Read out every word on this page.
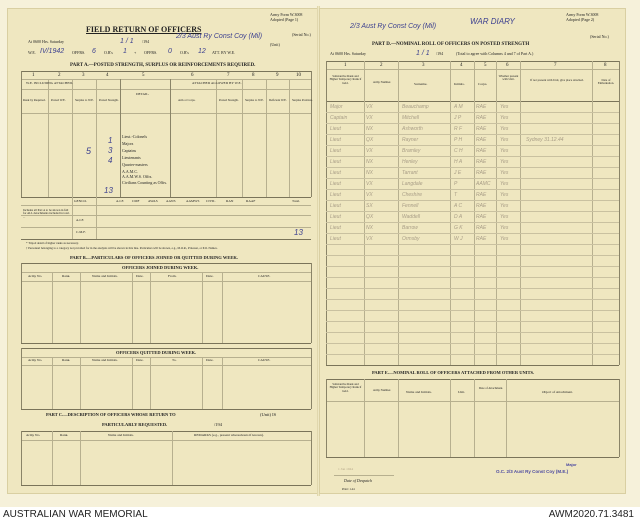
Army Form W.3008
Adopted (Page 1)
(Serial No.)
FIELD RETURN OF OFFICERS
2/3 Aust Ry Const Coy (Mil)
(Unit)
At 0600 Hrs. Saturday	1 / 1 /194
W.E. IV/1942 OFFRS. 6 O.R's 1 + OFFRS. 0 O.R's 12 ATT. BY W.E.
PART A.—POSTED STRENGTH, SURPLUS OR REINFORCEMENTS REQUIRED.
1	2	3	4	5	6	7	8	9	10
W.E. INCLUDING ATTACHED.	ATTACHED ALLOWED BY W.E.
Rank by Required. Posted W.E.	Surplus to W.E. Posted Strength.
DETAIL.
Arm or Corps.	Posted Strength. Surplus to W.E. Deficient W.E. Surplus Position.
Lieut.-Colonels
Majors
Captains
Lieutenants
Quarter-masters
A.A.M.C.
A.A.M.W.S. Offrs.
Civilians Counting as Offrs.
1
5 3
4
13
GENCO.	A.I.F. CMF AWAS AANS	AAMWS CIVIL	RAN	RAAF	Total.
Includes all Part A to be shown in full for ALL detachments included in total. . .
A.I.F.
C.M.F.	13
* Tripod detail of higher ranks as necessary.
† Personnel belonging to a category not provided for in the analysis will be shown in this line. Particulars will be shown, e.g., M.O.R., Prisoner, or P.O. Names.
PART B.—PARTICULARS OF OFFICERS JOINED OR QUITTED DURING WEEK.
OFFICERS JOINED DURING WEEK.
Army No.	Rank.	Name and Initials.	Date.	From.	Date.	CAUSE.
OFFICERS QUITTED DURING WEEK.
Army No.	Rank.	Name and Initials.	Date.	To.	Date.	CAUSE.
PART C.—DESCRIPTION OF OFFICERS WHOSE RETURN TO	(Unit) IS
PARTICULARLY REQUESTED.	/194
Army No.	Rank.	Name and Initials.	REMARKS (e.g., present whereabouts if known).
2/3 Aust Ry Const Coy (Mil)
WAR DIARY
Army Form W.3008
Adopted (Page 2)
(Serial No.)
PART D.—NOMINAL ROLL OF OFFICERS ON POSTED STRENGTH
At 0600 Hrs. Saturday	1 / 1 /194	(Total to agree with Columns 4 and 7 of Part A.)
1	2	3	4	5	6	7	8
Substantive Rank and Higher Temporary Rank if held.	Army Number.	Surname.	Initials.	Corps.
Whether present with Unit.	If not present with Unit, give place attached.	Date of Embarkation.
Major	VX	Beauchamp	A M	RAE	Yes
Captain	VX	Mitchell	J P	RAE	Yes
Lieut	NX	Ashworth	R F	RAE	Yes
Lieut	QX	Rayner	P H	RAE	Yes	Sydney 31.12.44
Lieut	VX	Bramley	C H	RAE	Yes
Lieut	NX	Henley	H A	RAE	Yes
Lieut	NX	Tarrant	J E	RAE	Yes
Lieut	VX	Langdale	P	AAMC Yes
Lieut	VX	Cheshire	T	RAE	Yes
Lieut	SX	Fennell	A C	RAE	Yes
Lieut	QX	Waddell	D A	RAE	Yes
Lieut	NX	Barrow	G K	RAE	Yes
Lieut	VX	Ormsby	W J	RAE	Yes
PART E.—NOMINAL ROLL OF OFFICERS ATTACHED FROM OTHER UNITS.
Substantive Rank and Higher Temporary Rank if held.	Army Number.	Name and Initials.	Unit.
Date of Attachment.
Object of Attachment.
1 Jan 1944
Date of Despatch
Major
O.C. 2/3 Aust Ry Const Coy (M.E.)
Print: 1.44
AUSTRALIAN WAR MEMORIAL	AWM2020.71.3481
